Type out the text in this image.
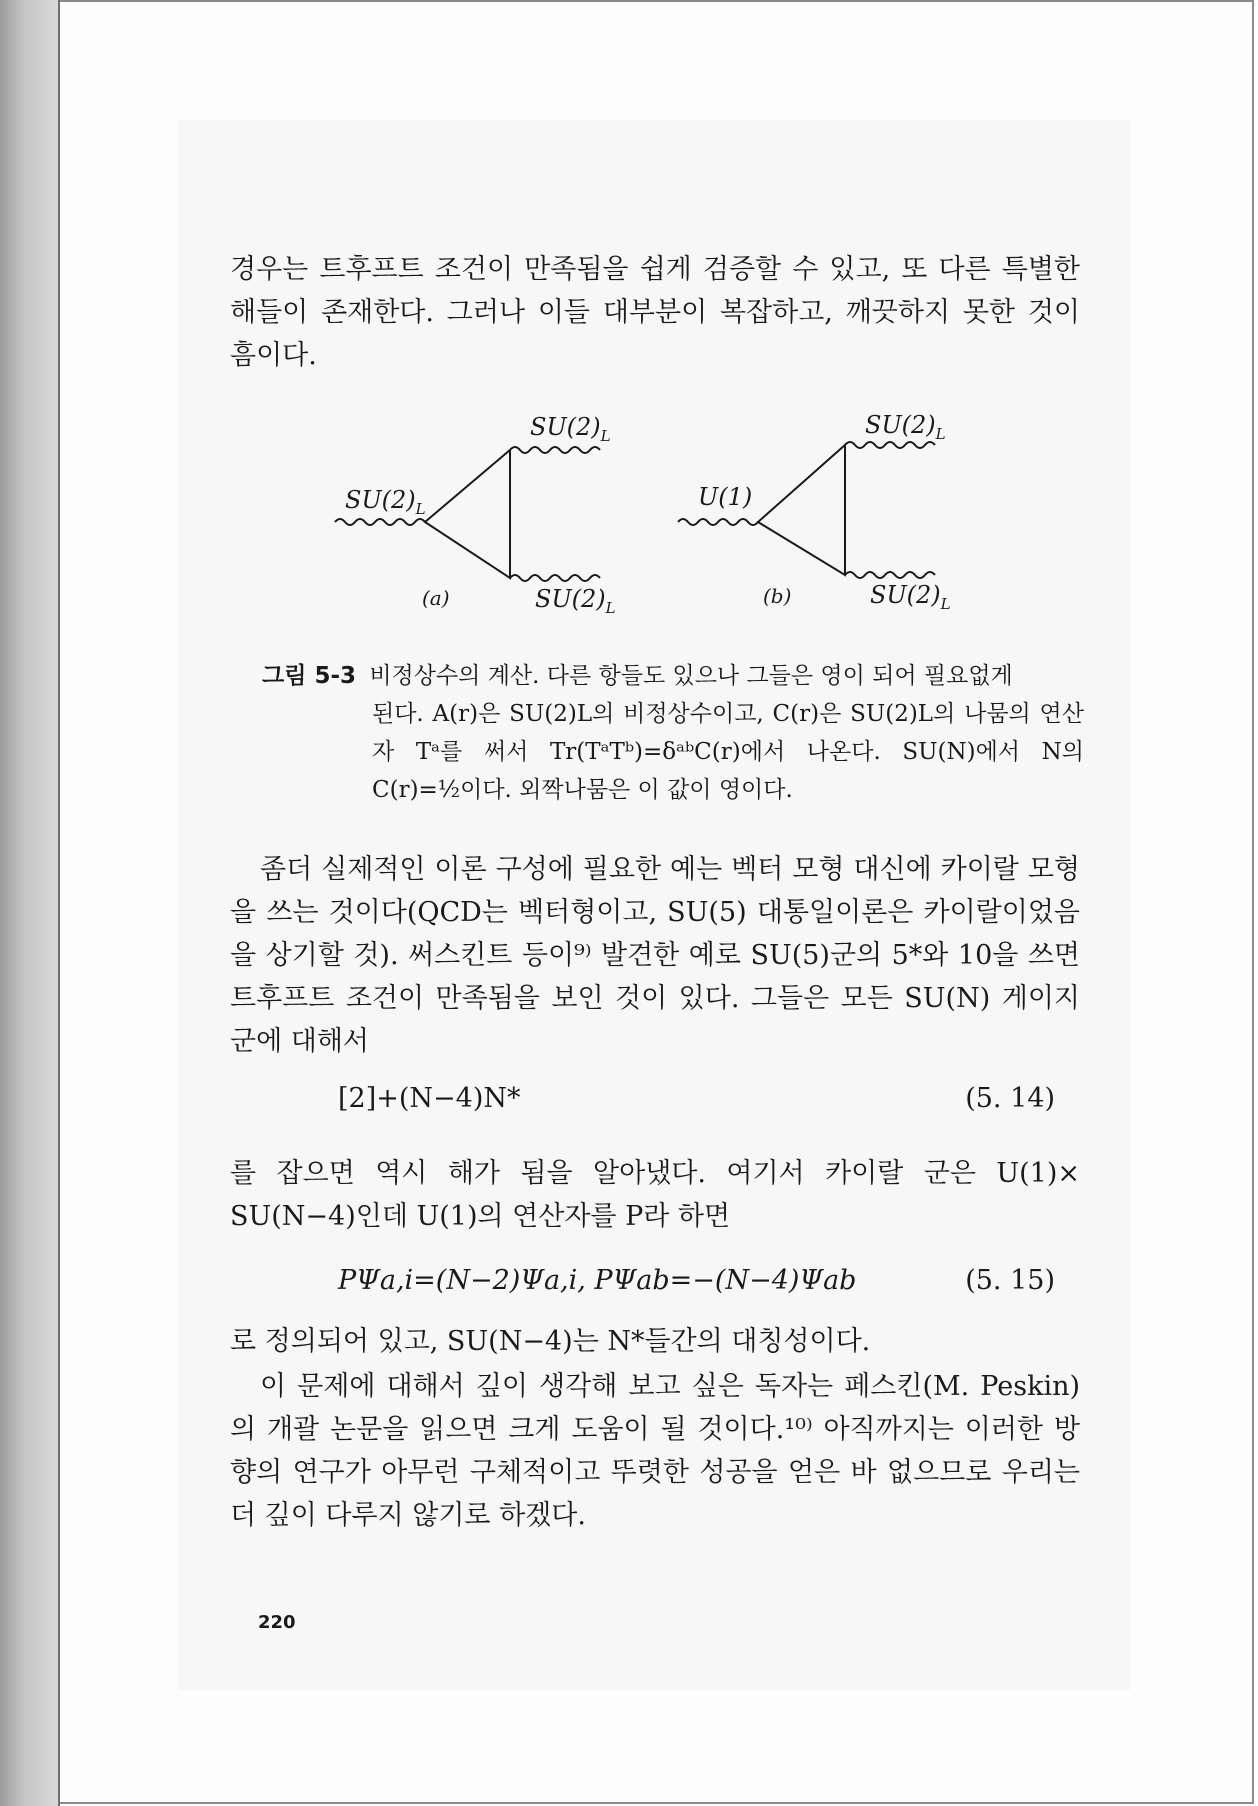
경우는 트후프트 조건이 만족됨을 쉽게 검증할 수 있고, 또 다른 특별한 해들이 존재한다. 그러나 이들 대부분이 복잡하고, 깨끗하지 못한 것이 흠이다.

$SU(2)_L$
$SU(2)_L$
$SU(2)_L$
(a)
U(1)
$SU(2)_L$
$SU(2)_L$
(b)
그림 5-3 비정상수의 계산. 다른 항들도 있으나 그들은 영이 되어 필요없게
된다. A(r)은 SU(2)L의 비정상수이고, C(r)은 SU(2)L의 나뭄의 연산자 Tᵃ를 써서 Tr(TᵃTᵇ)=δᵃᵇC(r)에서 나온다. SU(N)에서 N의 C(r)=½이다. 외짝나뭄은 이 값이 영이다.

좀더 실제적인 이론 구성에 필요한 예는 벡터 모형 대신에 카이랄 모형을 쓰는 것이다(QCD는 벡터형이고, SU(5) 대통일이론은 카이랄이었음을 상기할 것). 써스킨트 등이⁹⁾ 발견한 예로 SU(5)군의 5*와 10을 쓰면 트후프트 조건이 만족됨을 보인 것이 있다. 그들은 모든 SU(N) 게이지 군에 대해서

[2]+(N−4)N*	(5. 14)

를 잡으면 역시 해가 됨을 알아냈다. 여기서 카이랄 군은 U(1)× SU(N−4)인데 U(1)의 연산자를 P라 하면

PΨa,i=(N−2)Ψa,i, PΨab=−(N−4)Ψab	(5. 15)

로 정의되어 있고, SU(N−4)는 N*들간의 대칭성이다.

이 문제에 대해서 깊이 생각해 보고 싶은 독자는 페스킨(M. Peskin)의 개괄 논문을 읽으면 크게 도움이 될 것이다.¹⁰⁾ 아직까지는 이러한 방향의 연구가 아무런 구체적이고 뚜렷한 성공을 얻은 바 없으므로 우리는 더 깊이 다루지 않기로 하겠다.

220
